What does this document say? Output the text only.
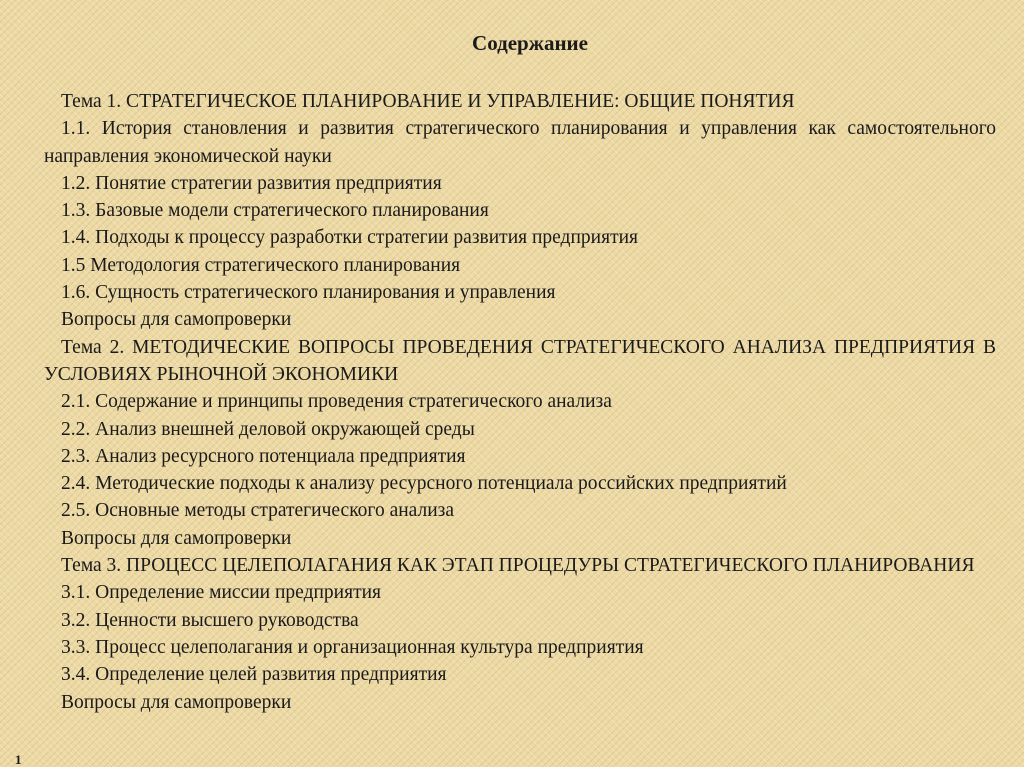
Содержание
Тема 1. СТРАТЕГИЧЕСКОЕ ПЛАНИРОВАНИЕ И УПРАВЛЕНИЕ: ОБЩИЕ ПОНЯТИЯ
1.1. История становления и развития стратегического планирования и управления как самостоятельного направления экономической науки
1.2. Понятие стратегии развития предприятия
1.3. Базовые модели стратегического планирования
1.4. Подходы к процессу разработки стратегии развития предприятия
1.5 Методология стратегического планирования
1.6. Сущность стратегического планирования и управления
Вопросы для самопроверки
Тема 2. МЕТОДИЧЕСКИЕ ВОПРОСЫ ПРОВЕДЕНИЯ СТРАТЕГИЧЕСКОГО АНАЛИЗА ПРЕДПРИЯТИЯ В УСЛОВИЯХ РЫНОЧНОЙ ЭКОНОМИКИ
2.1. Содержание и принципы проведения стратегического анализа
2.2. Анализ внешней деловой окружающей среды
2.3. Анализ ресурсного потенциала предприятия
2.4. Методические подходы к анализу ресурсного потенциала российских предприятий
2.5. Основные методы стратегического анализа
Вопросы для самопроверки
Тема 3. ПРОЦЕСС ЦЕЛЕПОЛАГАНИЯ КАК ЭТАП ПРОЦЕДУРЫ СТРАТЕГИЧЕСКОГО ПЛАНИРОВАНИЯ
3.1. Определение миссии предприятия
3.2. Ценности высшего руководства
3.3. Процесс целеполагания и организационная культура предприятия
3.4. Определение целей развития предприятия
Вопросы для самопроверки
1
